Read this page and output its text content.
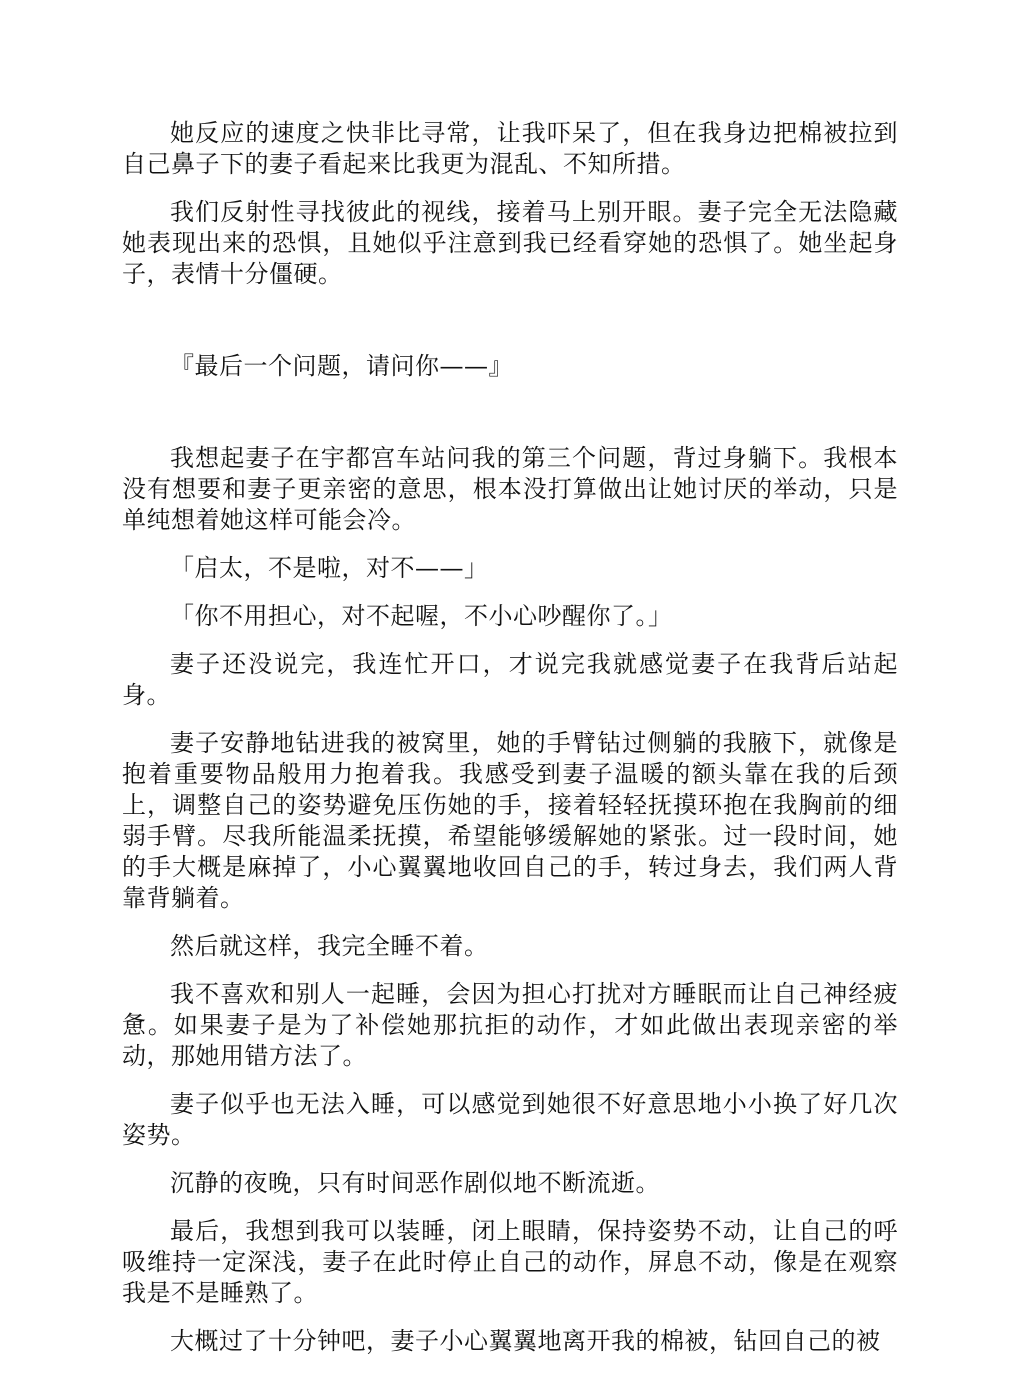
她反应的速度之快非比寻常，让我吓呆了，但在我身边把棉被拉到自己鼻子下的妻子看起来比我更为混乱、不知所措。

我们反射性寻找彼此的视线，接着马上别开眼。妻子完全无法隐藏她表现出来的恐惧，且她似乎注意到我已经看穿她的恐惧了。她坐起身子，表情十分僵硬。

『最后一个问题，请问你——』

我想起妻子在宇都宫车站问我的第三个问题，背过身躺下。我根本没有想要和妻子更亲密的意思，根本没打算做出让她讨厌的举动，只是单纯想着她这样可能会冷。

「启太，不是啦，对不——」

「你不用担心，对不起喔，不小心吵醒你了。」

妻子还没说完，我连忙开口，才说完我就感觉妻子在我背后站起身。

妻子安静地钻进我的被窝里，她的手臂钻过侧躺的我腋下，就像是抱着重要物品般用力抱着我。我感受到妻子温暖的额头靠在我的后颈上，调整自己的姿势避免压伤她的手，接着轻轻抚摸环抱在我胸前的细弱手臂。尽我所能温柔抚摸，希望能够缓解她的紧张。过一段时间，她的手大概是麻掉了，小心翼翼地收回自己的手，转过身去，我们两人背靠背躺着。

然后就这样，我完全睡不着。

我不喜欢和别人一起睡，会因为担心打扰对方睡眠而让自己神经疲惫。如果妻子是为了补偿她那抗拒的动作，才如此做出表现亲密的举动，那她用错方法了。

妻子似乎也无法入睡，可以感觉到她很不好意思地小小换了好几次姿势。

沉静的夜晚，只有时间恶作剧似地不断流逝。

最后，我想到我可以装睡，闭上眼睛，保持姿势不动，让自己的呼吸维持一定深浅，妻子在此时停止自己的动作，屏息不动，像是在观察我是不是睡熟了。

大概过了十分钟吧，妻子小心翼翼地离开我的棉被，钻回自己的被
